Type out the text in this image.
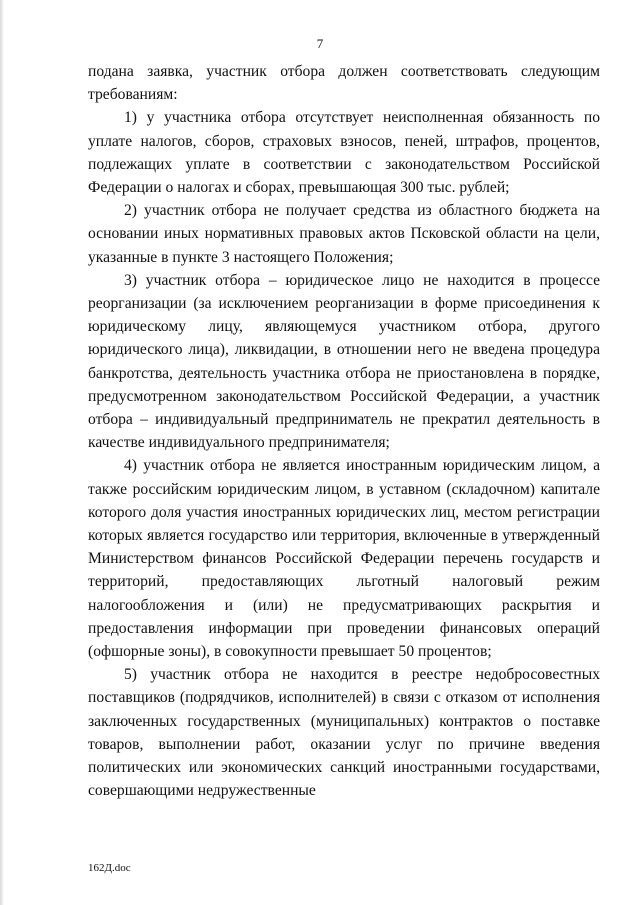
7

подана заявка, участник отбора должен соответствовать следующим требованиям:

1) у участника отбора отсутствует неисполненная обязанность по уплате налогов, сборов, страховых взносов, пеней, штрафов, процентов, подлежащих уплате в соответствии с законодательством Российской Федерации о налогах и сборах, превышающая 300 тыс. рублей;

2) участник отбора не получает средства из областного бюджета на основании иных нормативных правовых актов Псковской области на цели, указанные в пункте 3 настоящего Положения;

3) участник отбора – юридическое лицо не находится в процессе реорганизации (за исключением реорганизации в форме присоединения к юридическому лицу, являющемуся участником отбора, другого юридического лица), ликвидации, в отношении него не введена процедура банкротства, деятельность участника отбора не приостановлена в порядке, предусмотренном законодательством Российской Федерации, а участник отбора – индивидуальный предприниматель не прекратил деятельность в качестве индивидуального предпринимателя;

4) участник отбора не является иностранным юридическим лицом, а также российским юридическим лицом, в уставном (складочном) капитале которого доля участия иностранных юридических лиц, местом регистрации которых является государство или территория, включенные в утвержденный Министерством финансов Российской Федерации перечень государств и территорий, предоставляющих льготный налоговый режим налогообложения и (или) не предусматривающих раскрытия и предоставления информации при проведении финансовых операций (офшорные зоны), в совокупности превышает 50 процентов;

5) участник отбора не находится в реестре недобросовестных поставщиков (подрядчиков, исполнителей) в связи с отказом от исполнения заключенных государственных (муниципальных) контрактов о поставке товаров, выполнении работ, оказании услуг по причине введения политических или экономических санкций иностранными государствами, совершающими недружественные

162Д.doc
